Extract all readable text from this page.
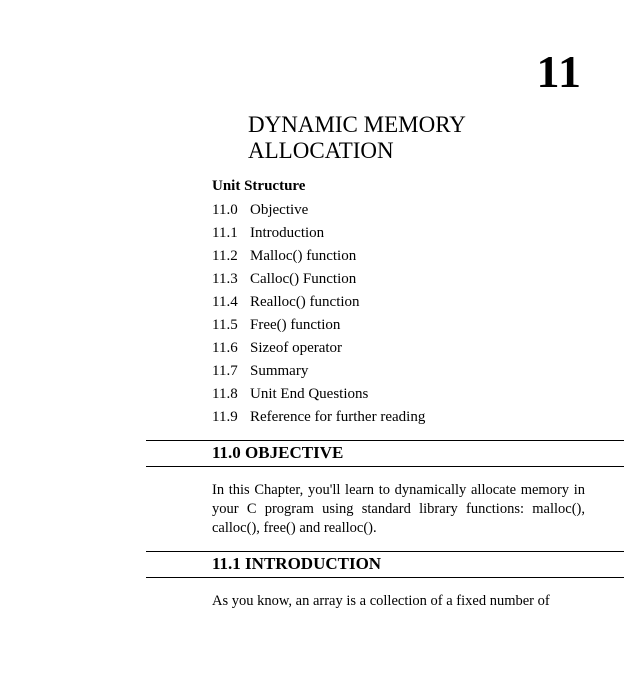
11
DYNAMIC MEMORY
ALLOCATION
Unit Structure
11.0 Objective
11.1 Introduction
11.2 Malloc() function
11.3 Calloc() Function
11.4 Realloc() function
11.5 Free() function
11.6 Sizeof operator
11.7 Summary
11.8 Unit End Questions
11.9 Reference for further reading
11.0 OBJECTIVE
In this Chapter, you'll learn to dynamically allocate memory in your C program using standard library functions: malloc(), calloc(), free() and realloc().
11.1 INTRODUCTION
As you know, an array is a collection of a fixed number of
